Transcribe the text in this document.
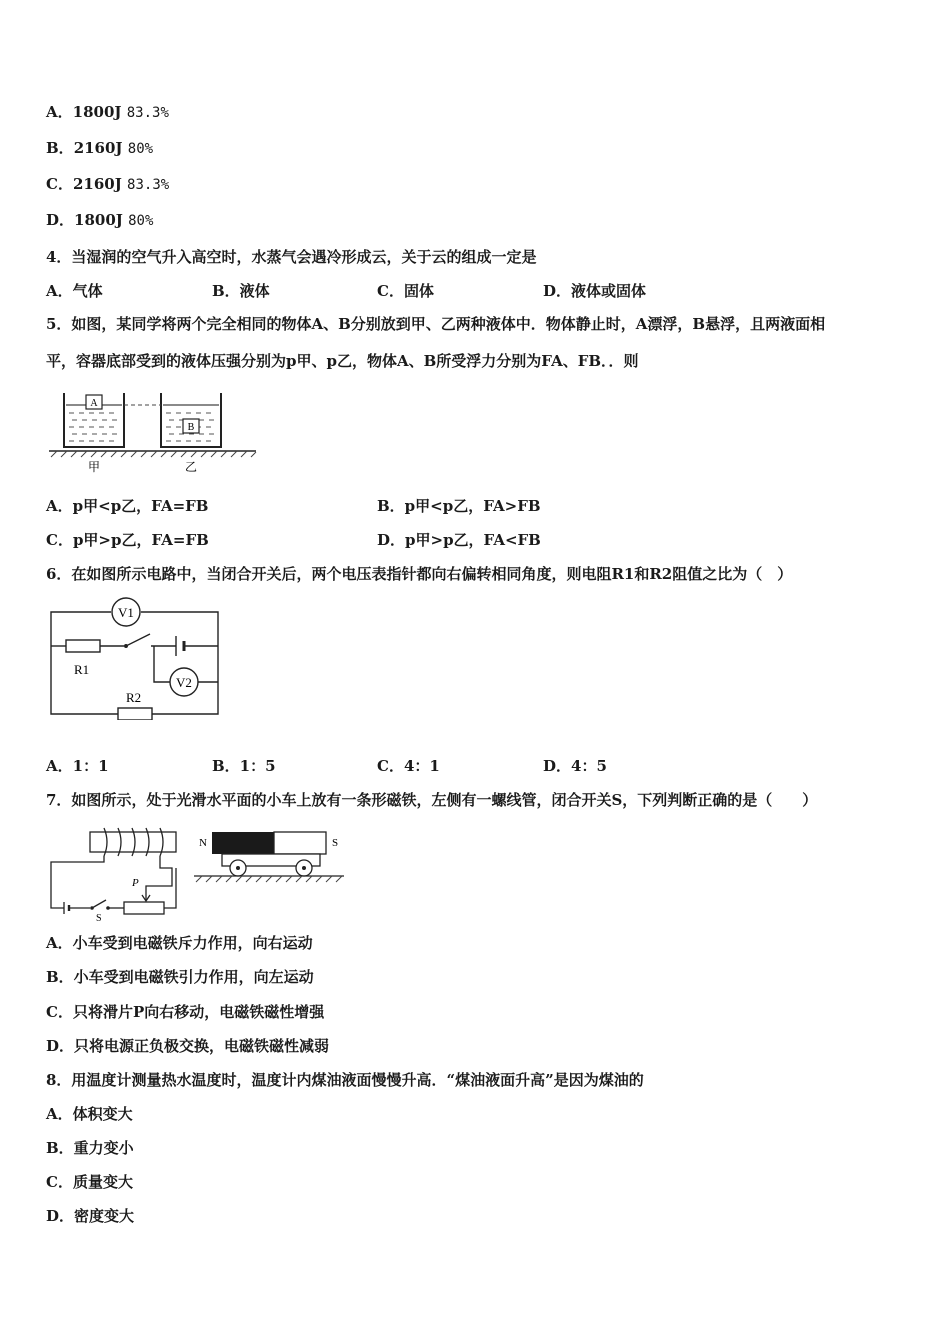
A．1800J 83.3%
B．2160J 80%
C．2160J 83.3%
D．1800J 80%
4．当湿润的空气升入高空时，水蒸气会遇冷形成云，关于云的组成一定是
A．气体	B．液体	C．固体	D．液体或固体
5．如图，某同学将两个完全相同的物体A、B分别放到甲、乙两种液体中．物体静止时，A漂浮，B悬浮，且两液面相
平，容器底部受到的液体压强分别为p甲、p乙，物体A、B所受浮力分别为FA、FB．．则
A
B
甲	乙
A．p甲<p乙，FA=FB	B．p甲<p乙，FA>FB
C．p甲>p乙，FA=FB	D．p甲>p乙，FA<FB
6．在如图所示电路中，当闭合开关后，两个电压表指针都向右偏转相同角度，则电阻R1和R2阻值之比为（　）
V1
R1
V2
R2
A．1：1	B．1：5	C．4：1	D．4：5
7．如图所示，处于光滑水平面的小车上放有一条形磁铁，左侧有一螺线管，闭合开关S，下列判断正确的是（　　）
S
P
N	S
A．小车受到电磁铁斥力作用，向右运动
B．小车受到电磁铁引力作用，向左运动
C．只将滑片P向右移动，电磁铁磁性增强
D．只将电源正负极交换，电磁铁磁性减弱
8．用温度计测量热水温度时，温度计内煤油液面慢慢升高．“煤油液面升高”是因为煤油的
A．体积变大
B．重力变小
C．质量变大
D．密度变大
